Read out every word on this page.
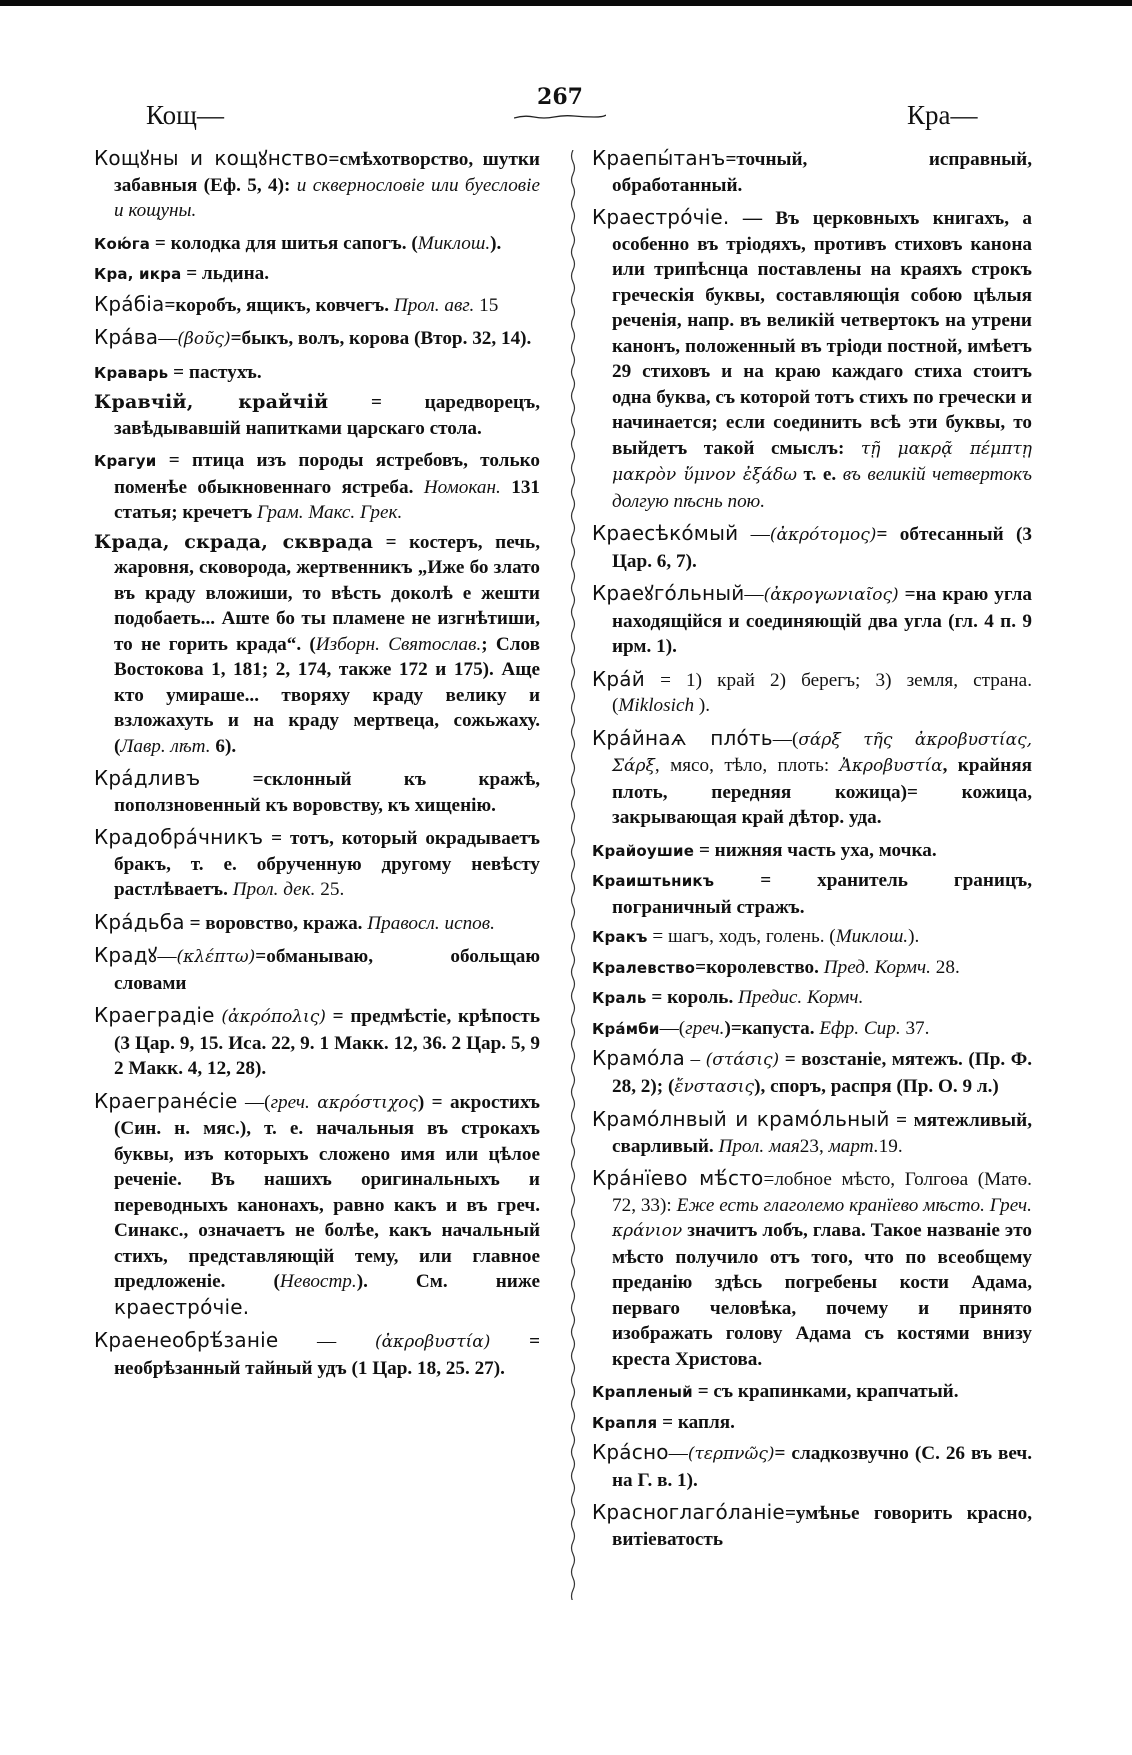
Кощ—
267
Кра—

Кощꙋны и кощꙋнство=смѣхотворство, шутки забавныя (Еф. 5, 4): и сквернословіе или буесловіе и кощуны.

Кою́га = колодка для шитья сапогъ. (Миклош.).

Кра, икра = льдина.

Кра́біа=коробъ, ящикъ, ковчегъ. Прол. авг. 15

Кра́ва—(βοῦς)=быкъ, волъ, корова (Втор. 32, 14).

Краварь = пастухъ.

Кравчій, крайчій = царедворецъ, завѣдывавшій напитками царскаго стола.

Крагуи = птица изъ породы ястребовъ, только поменѣе обыкновеннаго ястреба. Номокан. 131 статья; кречетъ Грам. Макс. Грек.

Крада, скрада, скврада = костеръ, печь, жаровня, сковорода, жертвенникъ „Иже бо злато въ краду вложиши, то вѣсть доколѣ е жешти подобаеть... Аште бо ты пламене не изгнѣтиши, то не горить крада“. (Изборн. Святослав.; Слов Востокова 1, 181; 2, 174, также 172 и 175). Аще кто умираше... творяху краду велику и взложахуть и на краду мертвеца, сожьжаху. (Лавр. лѣт. 6).

Кра́дливъ =склонный къ кражѣ, поползновенный къ воровству, къ хищенію.

Крадобра́чникъ = тотъ, который окрадываетъ бракъ, т. е. обрученную другому невѣсту растлѣваетъ. Прол. дек. 25.

Кра́дьба = воровство, кража. Правосл. испов.

Крадꙋ—(κλέπτω)=обманываю, обольщаю словами

Краеградіе (ἀκρόπολις) = предмѣстіе, крѣпость (3 Цар. 9, 15. Иса. 22, 9. 1 Макк. 12, 36. 2 Цар. 5, 9 2 Макк. 4, 12, 28).

Краегране́сіе —(греч. ακρόστιχος) = акростихъ (Син. н. мяс.), т. е. начальныя въ строкахъ буквы, изъ которыхъ сложено имя или цѣлое реченіе. Въ нашихъ оригинальныхъ и переводныхъ канонахъ, равно какъ и въ греч. Синакс., означаетъ не болѣе, какъ начальный стихъ, представляющій тему, или главное предложеніе. (Невостр.). См. ниже краестро́чіе.

Краенеобрѣ́заніе — (ἀκροβυστία) = необрѣзанный тайный удъ (1 Цар. 18, 25. 27).

Краепы́танъ=точный, исправный, обработанный.

Краестро́чіе. — Въ церковныхъ книгахъ, а особенно въ тріодяхъ, противъ стиховъ канона или трипѣснца поставлены на краяхъ строкъ греческія буквы, составляющія собою цѣлыя реченія, напр. въ великій четвертокъ на утрени канонъ, положенный въ тріоди постной, имѣетъ 29 стиховъ и на краю каждаго стиха стоитъ одна буква, съ которой тотъ стихъ по гречески и начинается; если соединить всѣ эти буквы, то выйдетъ такой смыслъ: τῇ μακρᾷ πέμπτῃ μακρὸν ὕμνον ἐξάδω т. е. въ великій четвертокъ долгую пѣснь пою.

Краесѣко́мый —(ἀκρότομος)= обтесанный (3 Цар. 6, 7).

Краеꙋго́льный—(ἀκρογωνιαῖος) =на краю угла находящійся и соединяющій два угла (гл. 4 п. 9 ирм. 1).

Кра́й = 1) край 2) берегъ; 3) земля, страна. (Miklosich ).

Кра́йнаѧ пло́ть—(σάρξ τῆς ἀκροβυστίας, Σάρξ, мясо, тѣло, плоть: Ἀκροβυστία, крайняя плоть, передняя кожица)= кожица, закрывающая край дѣтор. уда.

Крайоушие = нижняя часть уха, мочка.

Краиштьникъ = хранитель границъ, пограничный стражъ.

Кракъ = шагъ, ходъ, голень. (Миклош.).

Кралевство=королевство. Пред. Кормч. 28.

Краль = король. Предис. Кормч.

Кра́мби—(греч.)=капуста. Ефр. Сир. 37.

Крамо́ла – (στάσις) = возстаніе, мятежъ. (Пр. Ф. 28, 2); (ἔνστασις), споръ, распря (Пр. О. 9 л.)

Крамо́лнвый и крамо́льный = мятежливый, сварливый. Прол. мая23, март.19.

Кра́нїево мѣ́сто=лобное мѣсто, Голгоѳа (Матѳ. 72, 33): Еже есть глаголемо кранїево мѣсто. Греч. κράνιον значитъ лобъ, глава. Такое названіе это мѣсто получило отъ того, что по всеобщему преданію здѣсь погребены кости Адама, перваго человѣка, почему и принято изображать голову Адама съ костями внизу креста Христова.

Крапленый = съ крапинками, крапчатый.

Крапля = капля.

Кра́сно—(τερπνῶς)= сладкозвучно (С. 26 въ веч. на Г. в. 1).

Красноглаго́ланіе=умѣнье говорить красно, витіеватость
